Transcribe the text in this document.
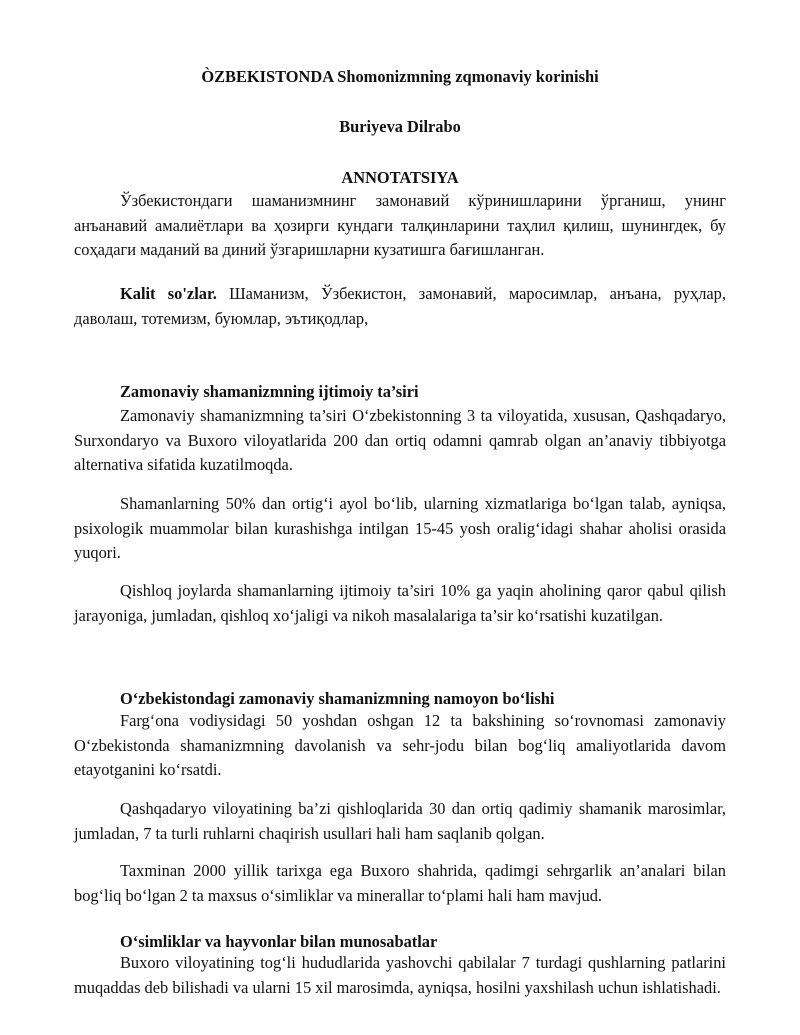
ÒZBEKISTONDA Shomonizmning zqmonaviy korinishi
Buriyeva Dilrabo
ANNOTATSIYA

Ўзбекистондаги шаманизмнинг замонавий кўринишларини ўрганиш, унинг анъанавий амалиётлари ва ҳозирги кундаги талқинларини таҳлил қилиш, шунингдек, бу соҳадаги маданий ва диний ўзгаришларни кузатишга бағишланган.

Kalit so'zlar. Шаманизм, Ўзбекистон, замонавий, маросимлар, анъана, руҳлар, даволаш, тотемизм, буюмлар, эътиқодлар,

Zamonaviy shamanizmning ijtimoiy ta’siri

Zamonaviy shamanizmning ta’siri O‘zbekistonning 3 ta viloyatida, xususan, Qashqadaryo, Surxondaryo va Buxoro viloyatlarida 200 dan ortiq odamni qamrab olgan an’anaviy tibbiyotga alternativa sifatida kuzatilmoqda.

Shamanlarning 50% dan ortig‘i ayol bo‘lib, ularning xizmatlariga bo‘lgan talab, ayniqsa, psixologik muammolar bilan kurashishga intilgan 15-45 yosh oralig‘idagi shahar aholisi orasida yuqori.

Qishloq joylarda shamanlarning ijtimoiy ta’siri 10% ga yaqin aholining qaror qabul qilish jarayoniga, jumladan, qishloq xo‘jaligi va nikoh masalalariga ta’sir ko‘rsatishi kuzatilgan.

O‘zbekistondagi zamonaviy shamanizmning namoyon bo‘lishi

Farg‘ona vodiysidagi 50 yoshdan oshgan 12 ta bakshining so‘rovnomasi zamonaviy O‘zbekistonda shamanizmning davolanish va sehr-jodu bilan bog‘liq amaliyotlarida davom etayotganini ko‘rsatdi.

Qashqadaryo viloyatining ba’zi qishloqlarida 30 dan ortiq qadimiy shamanik marosimlar, jumladan, 7 ta turli ruhlarni chaqirish usullari hali ham saqlanib qolgan.

Taxminan 2000 yillik tarixga ega Buxoro shahrida, qadimgi sehrgarlik an’analari bilan bog‘liq bo‘lgan 2 ta maxsus o‘simliklar va minerallar to‘plami hali ham mavjud.

O‘simliklar va hayvonlar bilan munosabatlar

Buxoro viloyatining tog‘li hududlarida yashovchi qabilalar 7 turdagi qushlarning patlarini muqaddas deb bilishadi va ularni 15 xil marosimda, ayniqsa, hosilni yaxshilash uchun ishlatishadi.
